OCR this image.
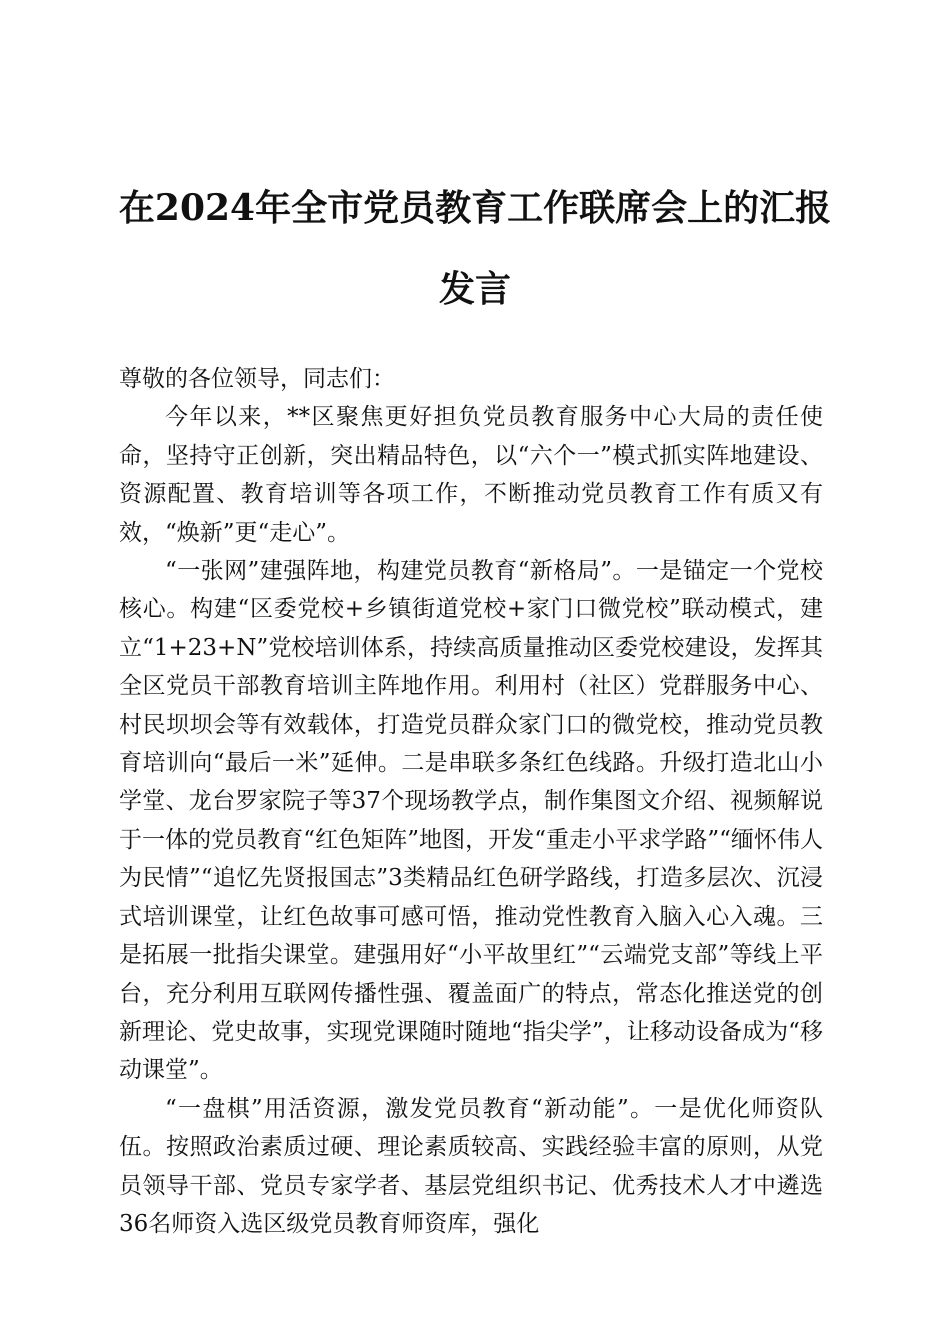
在2024年全市党员教育工作联席会上的汇报发言

尊敬的各位领导，同志们：

今年以来，**区聚焦更好担负党员教育服务中心大局的责任使命，坚持守正创新，突出精品特色，以“六个一”模式抓实阵地建设、资源配置、教育培训等各项工作，不断推动党员教育工作有质又有效，“焕新”更“走心”。

“一张网”建强阵地，构建党员教育“新格局”。一是锚定一个党校核心。构建“区委党校+乡镇街道党校+家门口微党校”联动模式，建立“1+23+N”党校培训体系，持续高质量推动区委党校建设，发挥其全区党员干部教育培训主阵地作用。利用村（社区）党群服务中心、村民坝坝会等有效载体，打造党员群众家门口的微党校，推动党员教育培训向“最后一米”延伸。二是串联多条红色线路。升级打造北山小学堂、龙台罗家院子等37个现场教学点，制作集图文介绍、视频解说于一体的党员教育“红色矩阵”地图，开发“重走小平求学路”“缅怀伟人为民情”“追忆先贤报国志”3类精品红色研学路线，打造多层次、沉浸式培训课堂，让红色故事可感可悟，推动党性教育入脑入心入魂。三是拓展一批指尖课堂。建强用好“小平故里红”“云端党支部”等线上平台，充分利用互联网传播性强、覆盖面广的特点，常态化推送党的创新理论、党史故事，实现党课随时随地“指尖学”，让移动设备成为“移动课堂”。

“一盘棋”用活资源，激发党员教育“新动能”。一是优化师资队伍。按照政治素质过硬、理论素质较高、实践经验丰富的原则，从党员领导干部、党员专家学者、基层党组织书记、优秀技术人才中遴选36名师资入选区级党员教育师资库，强化
